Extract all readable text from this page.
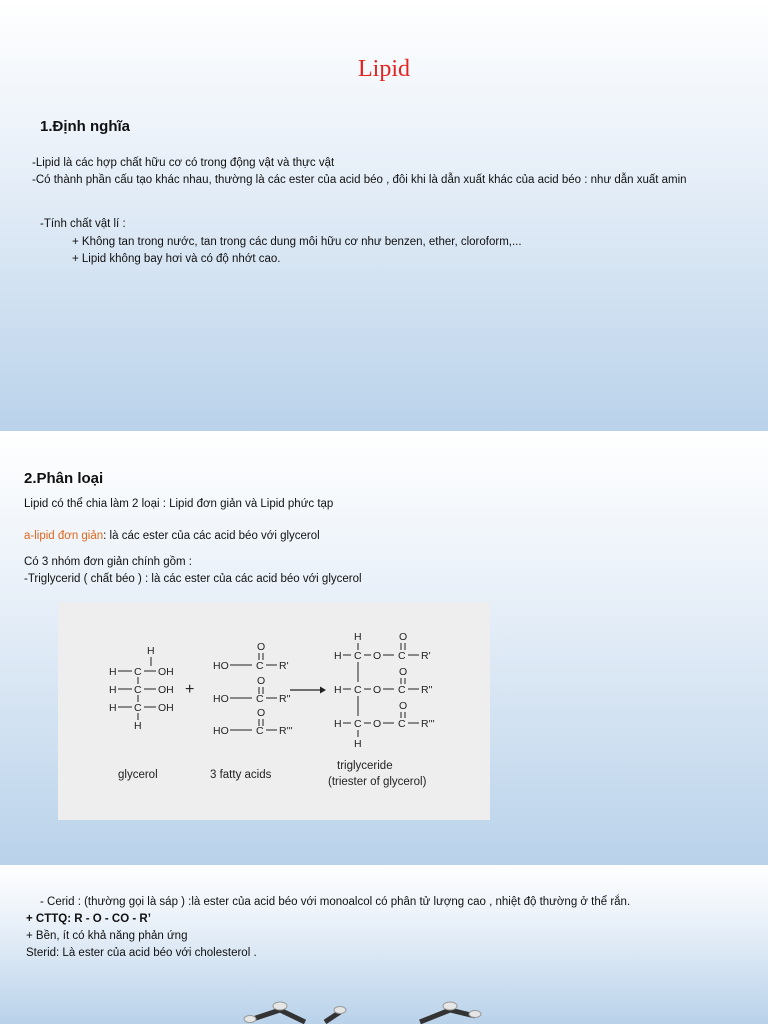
Lipid
1.Định nghĩa
-Lipid là các hợp chất hữu cơ có trong động vật và thực vật
-Có thành phần cấu tạo khác nhau, thường là các ester của acid béo , đôi khi là dẫn xuất khác của acid béo : như dẫn xuất amin
-Tính chất vật lí :
+ Không tan trong nước, tan trong các dung môi hữu cơ như benzen, ether, cloroform,...
+ Lipid không bay hơi và có độ nhớt cao.
2.Phân loại
Lipid có thể chia làm 2 loại : Lipid đơn giản và Lipid phức tạp
a-lipid đơn giản: là các ester của các acid béo với glycerol
Có 3 nhóm đơn giản chính gồm :
-Triglycerid ( chất béo ) : là các ester của các acid béo với glycerol
H
H C OH
H C OH
H C OH
H
+
O
HO	C R'
O
HO	C R"
O
HO	C R'''
H	O
H C O C R'
O
H C O C R"
O
H C O C R'''
H
glycerol	3 fatty acids
triglyceride
(triester of glycerol)
- Cerid : (thường gọi là sáp ) :là ester của acid béo với monoalcol có phân tử lượng cao , nhiệt độ thường ở thể rắn.
+ CTTQ: R - O - CO - R’
+ Bền, ít có khả năng phản ứng
Sterid: Là ester của acid béo với cholesterol .
